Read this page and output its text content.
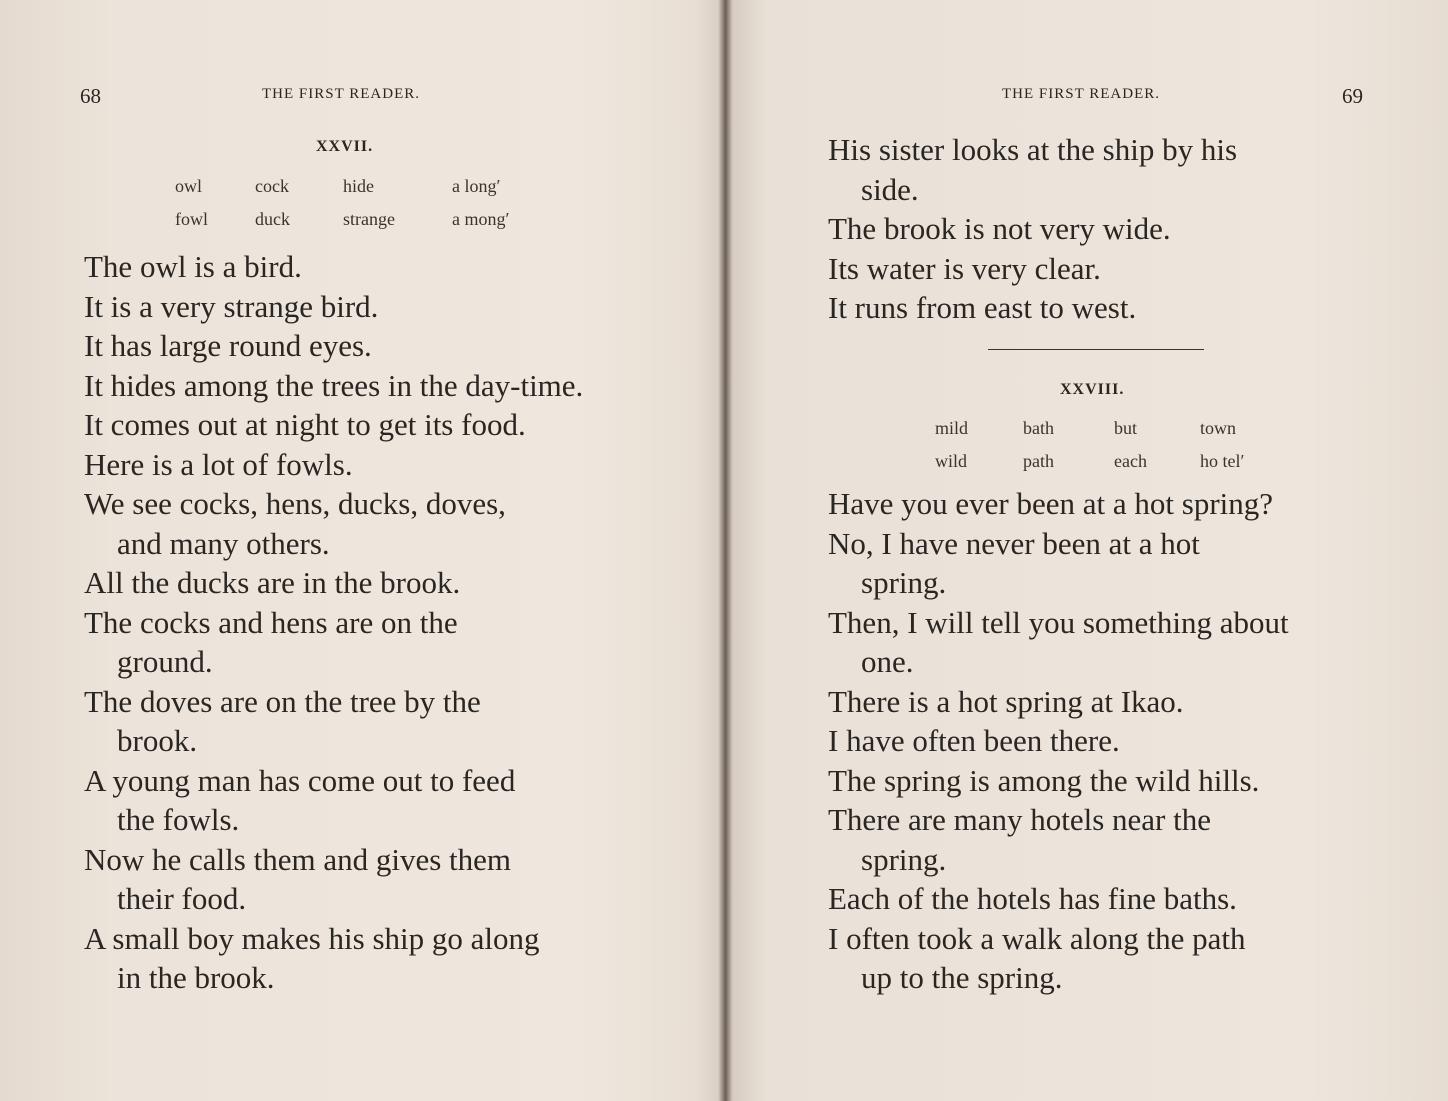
68	THE FIRST READER.
XXVII.
owl	cock	hide	a long′
fowl	duck	strange	a mong′
The owl is a bird.
It is a very strange bird.
It has large round eyes.
It hides among the trees in the day-time.
It comes out at night to get its food.
Here is a lot of fowls.
We see cocks, hens, ducks, doves,
and many others.
All the ducks are in the brook.
The cocks and hens are on the
ground.
The doves are on the tree by the
brook.
A young man has come out to feed
the fowls.
Now he calls them and gives them
their food.
A small boy makes his ship go along
in the brook.
THE FIRST READER.	69
His sister looks at the ship by his
side.
The brook is not very wide.
Its water is very clear.
It runs from east to west.
XXVIII.
mild	bath	but	town
wild	path	each	ho tel′
Have you ever been at a hot spring?
No, I have never been at a hot
spring.
Then, I will tell you something about
one.
There is a hot spring at Ikao.
I have often been there.
The spring is among the wild hills.
There are many hotels near the
spring.
Each of the hotels has fine baths.
I often took a walk along the path
up to the spring.
